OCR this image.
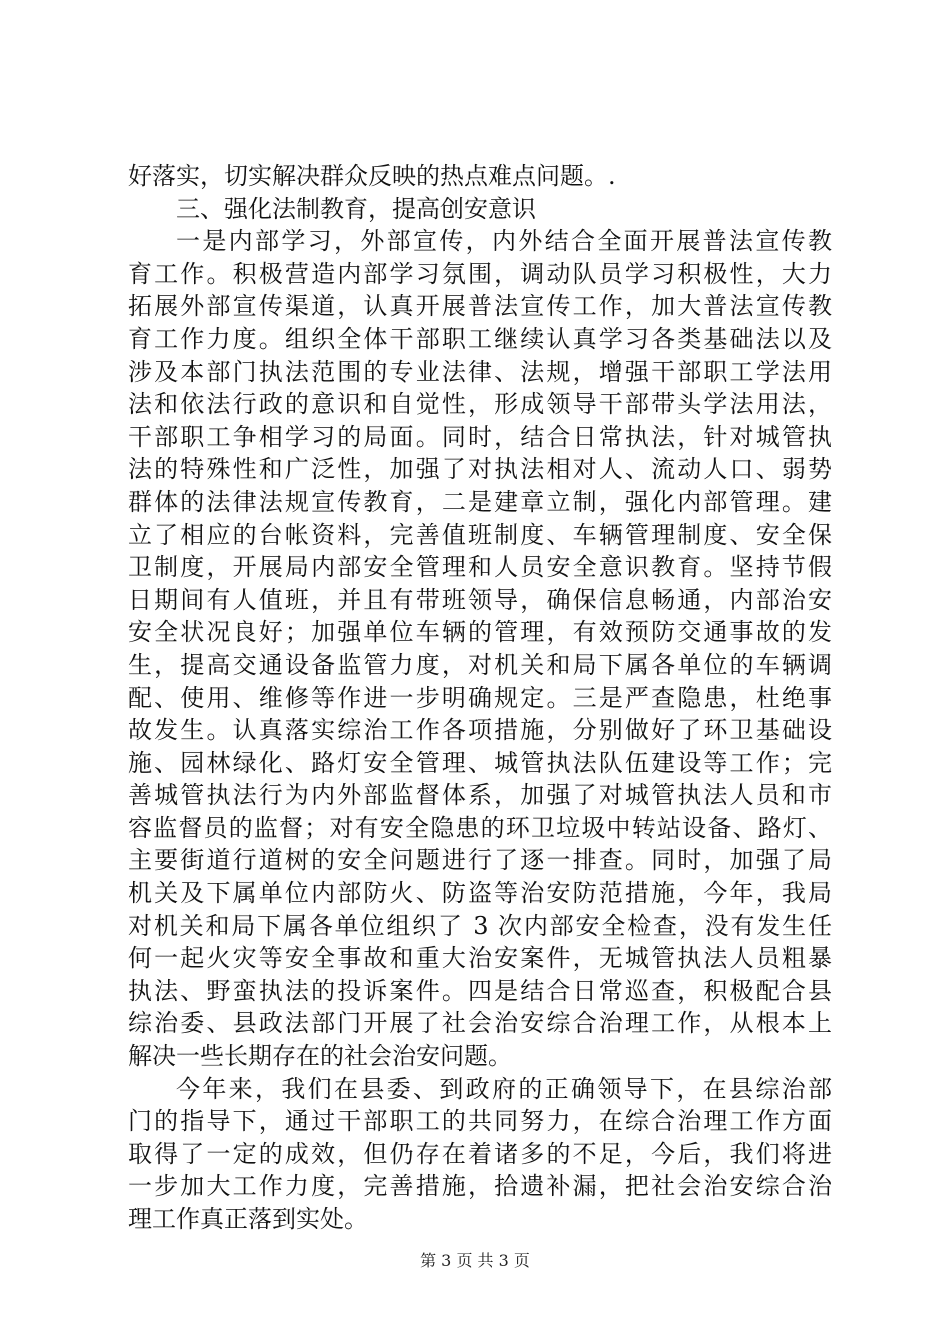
好落实，切实解决群众反映的热点难点问题。.
三、强化法制教育，提高创安意识
一是内部学习，外部宣传，内外结合全面开展普法宣传教
育工作。积极营造内部学习氛围，调动队员学习积极性，大力
拓展外部宣传渠道，认真开展普法宣传工作，加大普法宣传教
育工作力度。组织全体干部职工继续认真学习各类基础法以及
涉及本部门执法范围的专业法律、法规，增强干部职工学法用
法和依法行政的意识和自觉性，形成领导干部带头学法用法，
干部职工争相学习的局面。同时，结合日常执法，针对城管执
法的特殊性和广泛性，加强了对执法相对人、流动人口、弱势
群体的法律法规宣传教育，二是建章立制，强化内部管理。建
立了相应的台帐资料，完善值班制度、车辆管理制度、安全保
卫制度，开展局内部安全管理和人员安全意识教育。坚持节假
日期间有人值班，并且有带班领导，确保信息畅通，内部治安
安全状况良好；加强单位车辆的管理，有效预防交通事故的发
生，提高交通设备监管力度，对机关和局下属各单位的车辆调
配、使用、维修等作进一步明确规定。三是严查隐患，杜绝事
故发生。认真落实综治工作各项措施，分别做好了环卫基础设
施、园林绿化、路灯安全管理、城管执法队伍建设等工作；完
善城管执法行为内外部监督体系，加强了对城管执法人员和市
容监督员的监督；对有安全隐患的环卫垃圾中转站设备、路灯、
主要街道行道树的安全问题进行了逐一排查。同时，加强了局
机关及下属单位内部防火、防盗等治安防范措施，今年，我局
对机关和局下属各单位组织了 3 次内部安全检查，没有发生任
何一起火灾等安全事故和重大治安案件，无城管执法人员粗暴
执法、野蛮执法的投诉案件。四是结合日常巡查，积极配合县
综治委、县政法部门开展了社会治安综合治理工作，从根本上
解决一些长期存在的社会治安问题。
今年来，我们在县委、到政府的正确领导下，在县综治部
门的指导下，通过干部职工的共同努力，在综合治理工作方面
取得了一定的成效，但仍存在着诸多的不足，今后，我们将进
一步加大工作力度，完善措施，拾遗补漏，把社会治安综合治
理工作真正落到实处。
第 3 页 共 3 页
